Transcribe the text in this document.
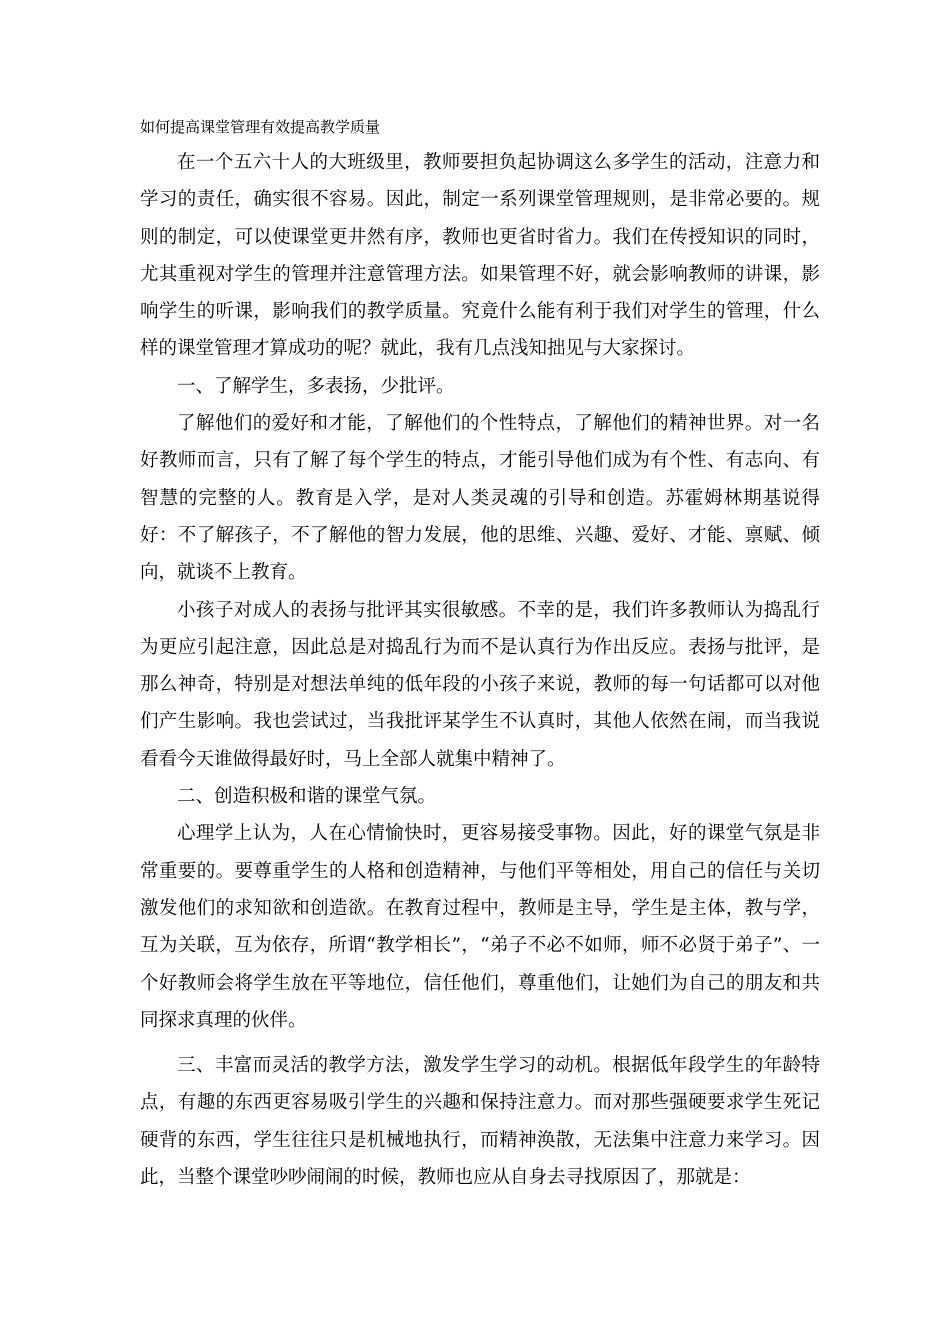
如何提高课堂管理有效提高教学质量

在一个五六十人的大班级里，教师要担负起协调这么多学生的活动，注意力和学习的责任，确实很不容易。因此，制定一系列课堂管理规则，是非常必要的。规则的制定，可以使课堂更井然有序，教师也更省时省力。我们在传授知识的同时，尤其重视对学生的管理并注意管理方法。如果管理不好，就会影响教师的讲课，影响学生的听课，影响我们的教学质量。究竟什么能有利于我们对学生的管理，什么样的课堂管理才算成功的呢？就此，我有几点浅知拙见与大家探讨。

一、了解学生，多表扬，少批评。

了解他们的爱好和才能，了解他们的个性特点，了解他们的精神世界。对一名好教师而言，只有了解了每个学生的特点，才能引导他们成为有个性、有志向、有智慧的完整的人。教育是入学，是对人类灵魂的引导和创造。苏霍姆林期基说得好：不了解孩子，不了解他的智力发展，他的思维、兴趣、爱好、才能、禀赋、倾向，就谈不上教育。

小孩子对成人的表扬与批评其实很敏感。不幸的是，我们许多教师认为捣乱行为更应引起注意，因此总是对捣乱行为而不是认真行为作出反应。表扬与批评，是那么神奇，特别是对想法单纯的低年段的小孩子来说，教师的每一句话都可以对他们产生影响。我也尝试过，当我批评某学生不认真时，其他人依然在闹，而当我说看看今天谁做得最好时，马上全部人就集中精神了。

二、创造积极和谐的课堂气氛。

心理学上认为，人在心情愉快时，更容易接受事物。因此，好的课堂气氛是非常重要的。要尊重学生的人格和创造精神，与他们平等相处，用自己的信任与关切激发他们的求知欲和创造欲。在教育过程中，教师是主导，学生是主体，教与学，互为关联，互为依存，所谓“教学相长”，“弟子不必不如师，师不必贤于弟子”、一个好教师会将学生放在平等地位，信任他们，尊重他们，让她们为自己的朋友和共同探求真理的伙伴。

三、丰富而灵活的教学方法，激发学生学习的动机。根据低年段学生的年龄特点，有趣的东西更容易吸引学生的兴趣和保持注意力。而对那些强硬要求学生死记硬背的东西，学生往往只是机械地执行，而精神涣散，无法集中注意力来学习。因此，当整个课堂吵吵闹闹的时候，教师也应从自身去寻找原因了，那就是：
